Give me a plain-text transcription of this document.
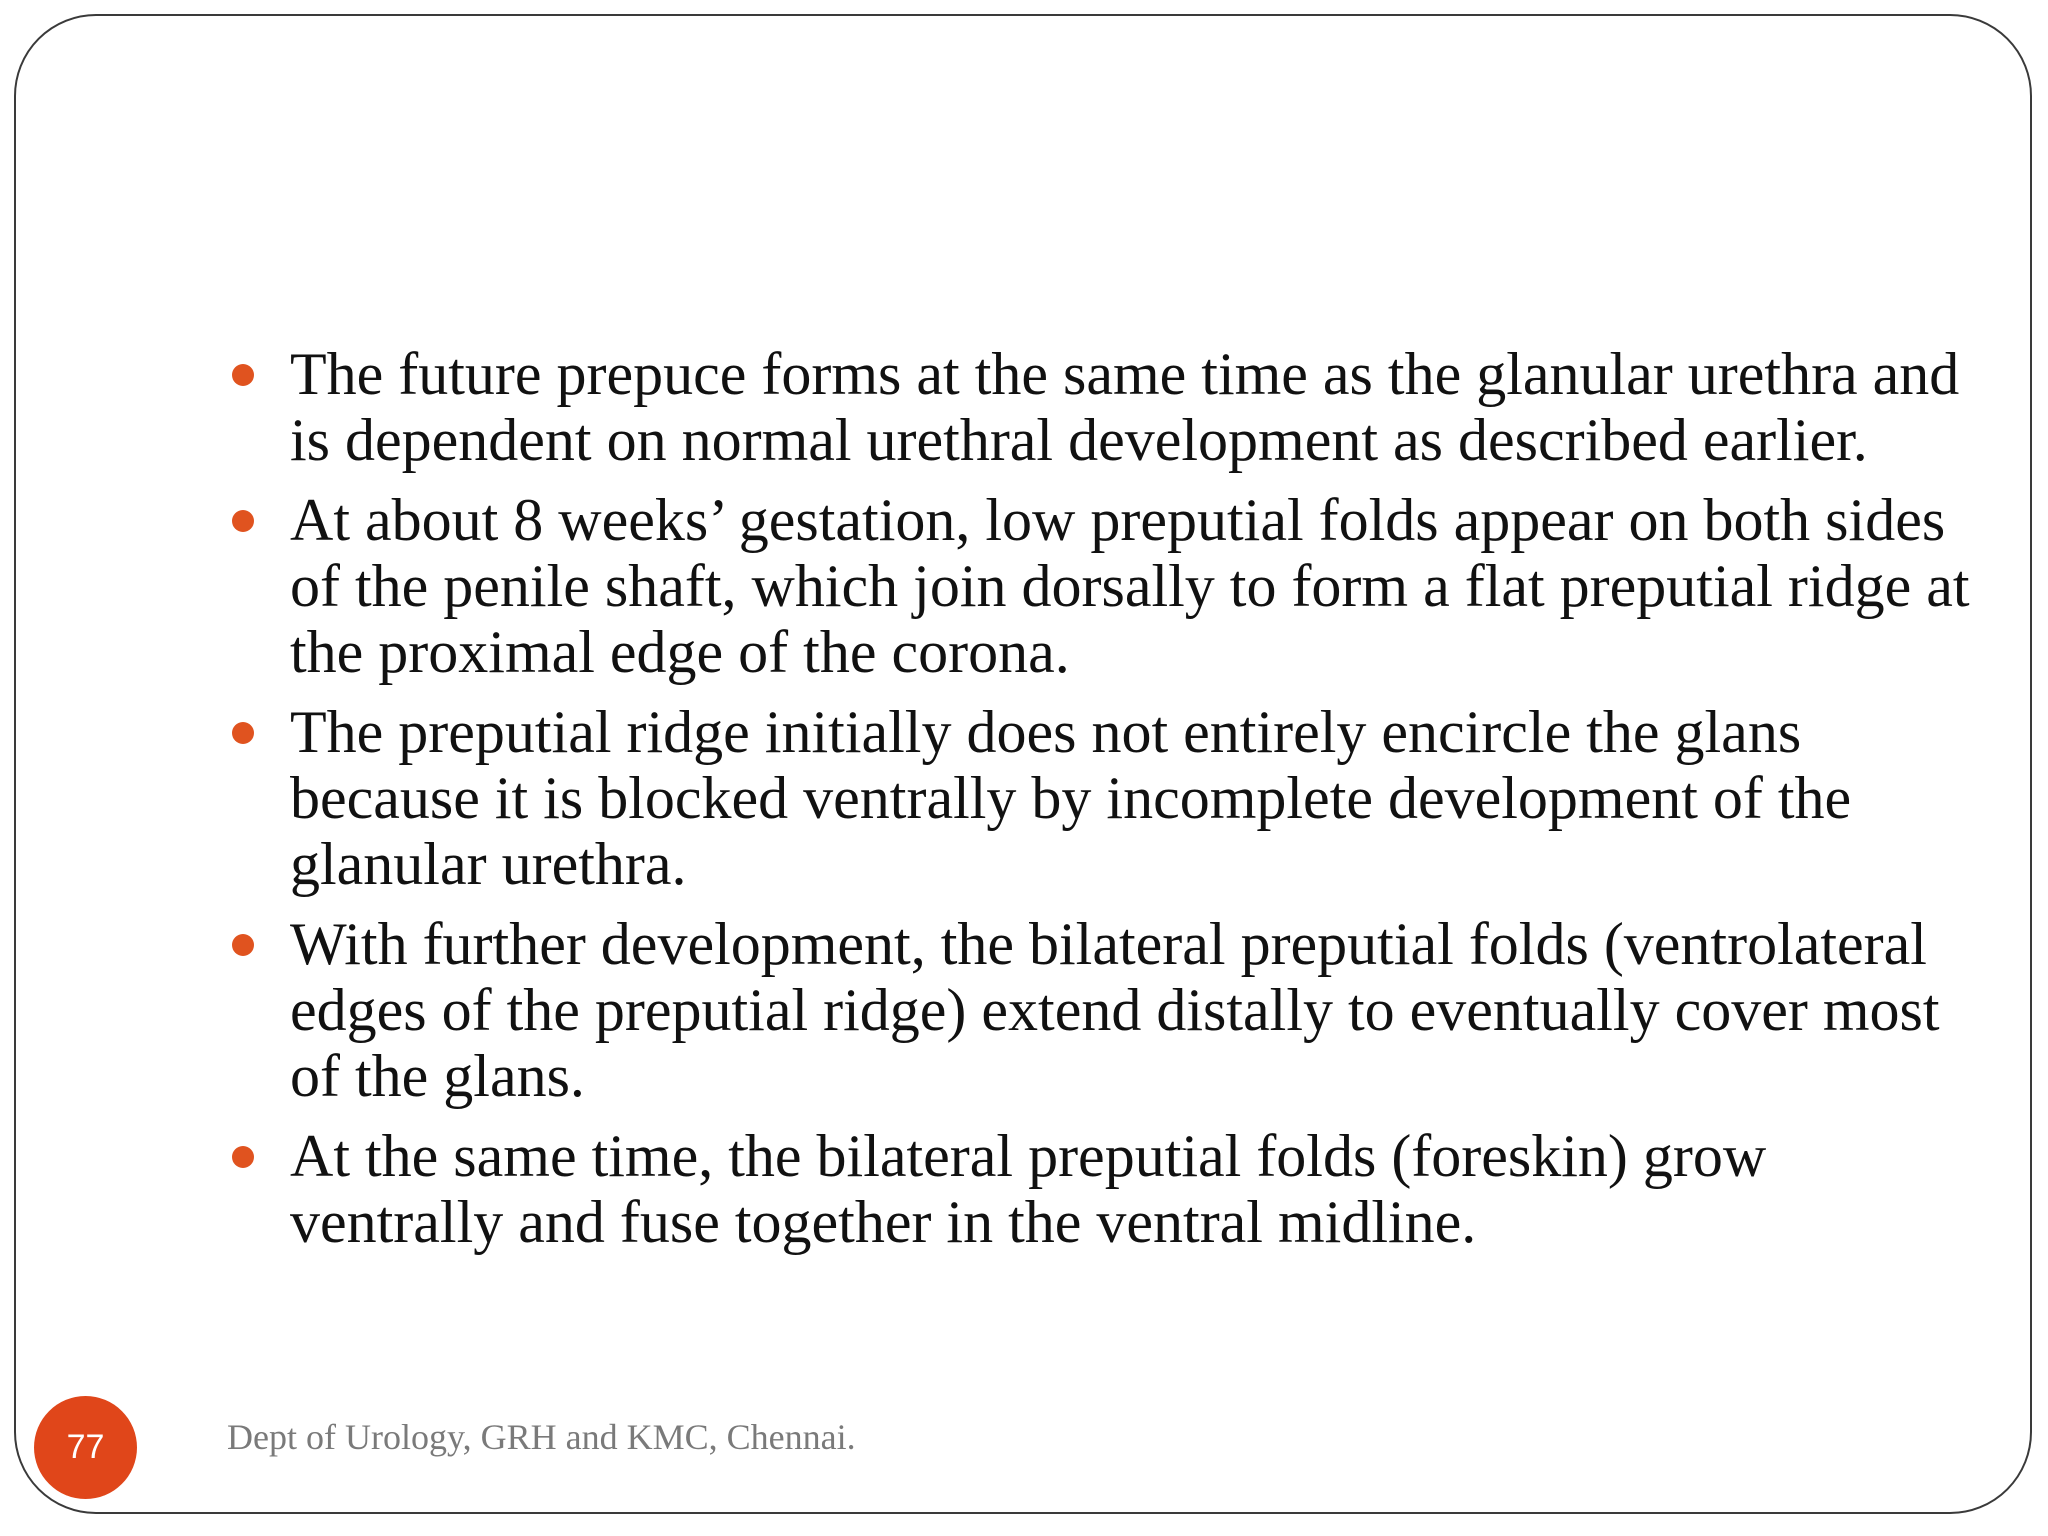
The future prepuce forms at the same time as the glanular urethra and is dependent on normal urethral development as described earlier.
At about 8 weeks’ gestation, low preputial folds appear on both sides of the penile shaft, which join dorsally to form a flat preputial ridge at the proximal edge of the corona.
The preputial ridge initially does not entirely encircle the glans because it is blocked ventrally by incomplete development of the glanular urethra.
With further development, the bilateral preputial folds (ventrolateral edges of the preputial ridge) extend distally to eventually cover most of the glans.
At the same time, the bilateral preputial folds (foreskin) grow ventrally and fuse together in the ventral midline.
77	Dept of Urology, GRH and KMC, Chennai.
